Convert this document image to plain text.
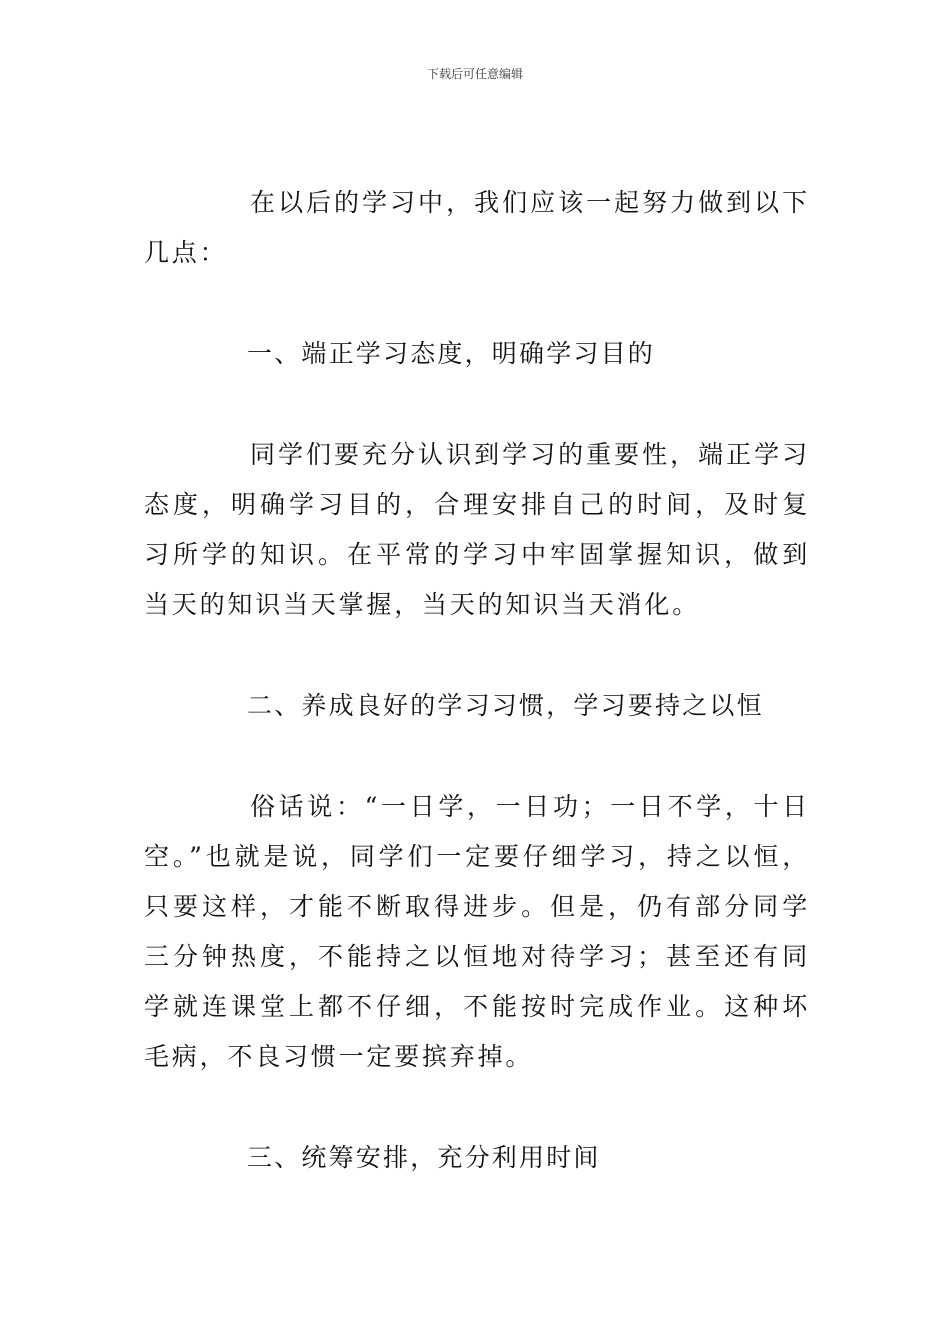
下载后可任意编辑

在以后的学习中，我们应该一起努力做到以下几点：

一、端正学习态度，明确学习目的

同学们要充分认识到学习的重要性，端正学习态度，明确学习目的，合理安排自己的时间，及时复习所学的知识。在平常的学习中牢固掌握知识，做到当天的知识当天掌握，当天的知识当天消化。

二、养成良好的学习习惯，学习要持之以恒

俗话说：“一日学，一日功；一日不学，十日空。”也就是说，同学们一定要仔细学习，持之以恒，只要这样，才能不断取得进步。但是，仍有部分同学三分钟热度，不能持之以恒地对待学习；甚至还有同学就连课堂上都不仔细，不能按时完成作业。这种坏毛病，不良习惯一定要摈弃掉。

三、统筹安排，充分利用时间
